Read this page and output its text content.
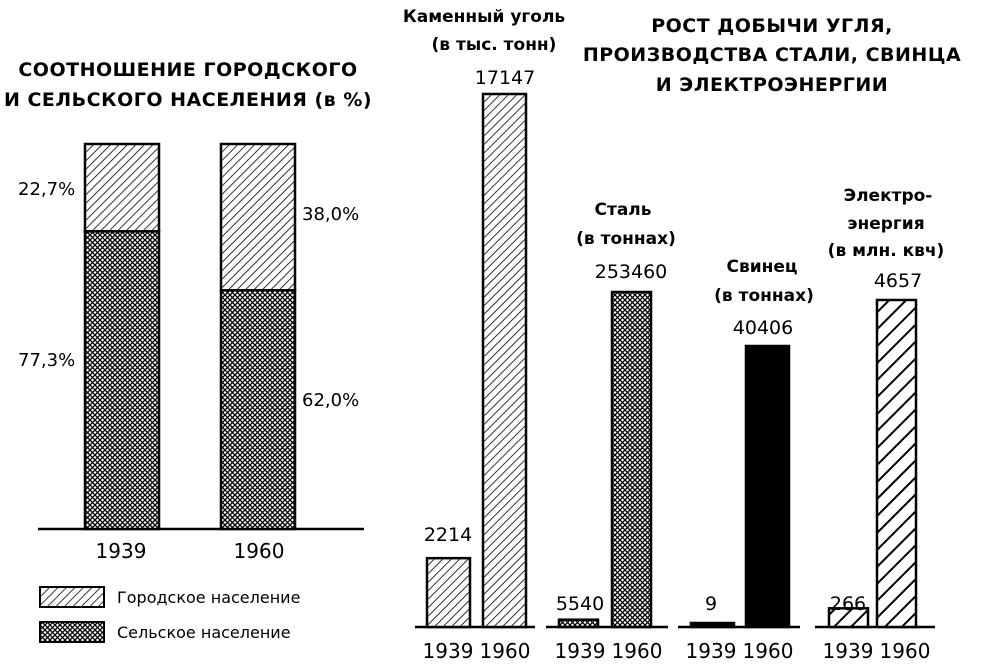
СООТНОШЕНИЕ ГОРОДСКОГО
И СЕЛЬСКОГО НАСЕЛЕНИЯ (в %)
22,7%
77,3%
38,0%
62,0%
1939	1960
Городское население
Сельское население
РОСТ ДОБЫЧИ УГЛЯ,
ПРОИЗВОДСТВА СТАЛИ, СВИНЦА
И ЭЛЕКТРОЭНЕРГИИ
Каменный уголь
(в тыс. тонн)
Сталь
(в тоннах)
Свинец
(в тоннах)
Электро-
энергия
(в млн. квч)
1939 1960 1939 1960 1939 1960 1939 1960
2214
17147
5540
253460
9
40406
266
4657
